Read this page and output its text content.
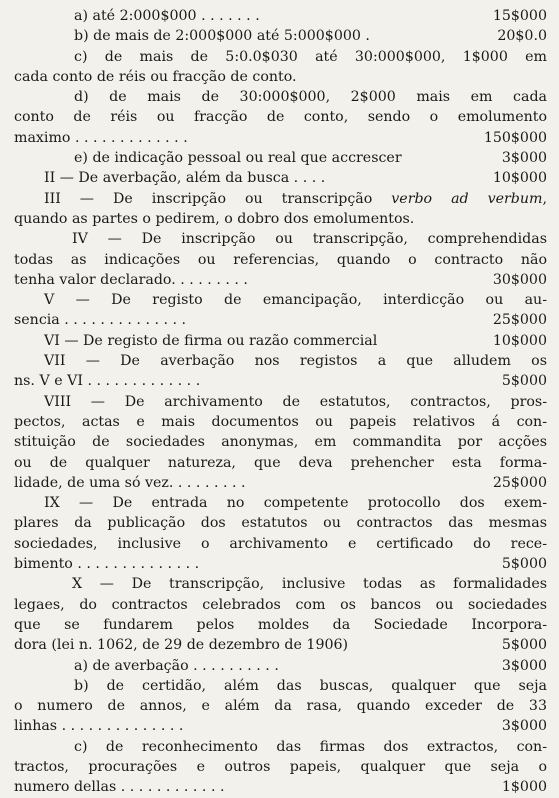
a) até 2:000$000 . . . . . . .	15$000
b) de mais de 2:000$000 até 5:000$000 .	20$0.0
c) de mais de 5:0.0$030 até 30:000$000, 1$000 em
cada conto de réis ou fracção de conto.
d) de mais de 30:000$000, 2$000 mais em cada
conto de réis ou fracção de conto, sendo o emolumento
maximo . . . . . . . . . . . . .	150$000
e) de indicação pessoal ou real que accrescer	3$000
II — De averbação, além da busca . . . .	10$000
III — De inscripção ou transcripção verbo ad verbum,
quando as partes o pedirem, o dobro dos emolumentos.
IV — De inscripção ou transcripção, comprehendidas
todas as indicações ou referencias, quando o contracto não
tenha valor declarado. . . . . . . . .	30$000
V — De registo de emancipação, interdicção ou au-
sencia . . . . . . . . . . . . . .	25$000
VI — De registo de firma ou razão commercial	10$000
VII — De averbação nos registos a que alludem os
ns. V e VI . . . . . . . . . . . . .	5$000
VIII — De archivamento de estatutos, contractos, pros-
pectos, actas e mais documentos ou papeis relativos á con-
stituição de sociedades anonymas, em commandita por acções
ou de qualquer natureza, que deva prehencher esta forma-
lidade, de uma só vez. . . . . . . . .	25$000
IX — De entrada no competente protocollo dos exem-
plares da publicação dos estatutos ou contractos das mesmas
sociedades, inclusive o archivamento e certificado do rece-
bimento . . . . . . . . . . . . . .	5$000
X — De transcripção, inclusive todas as formalidades
legaes, do contractos celebrados com os bancos ou sociedades
que se fundarem pelos moldes da Sociedade Incorpora-
dora (lei n. 1062, de 29 de dezembro de 1906)	5$000
a) de averbação . . . . . . . . . .	3$000
b) de certidão, além das buscas, qualquer que seja
o numero de annos, e além da rasa, quando exceder de 33
linhas . . . . . . . . . . . . . .	3$000
c) de reconhecimento das firmas dos extractos, con-
tractos, procurações e outros papeis, qualquer que seja o
numero dellas . . . . . . . . . . . .	1$000
